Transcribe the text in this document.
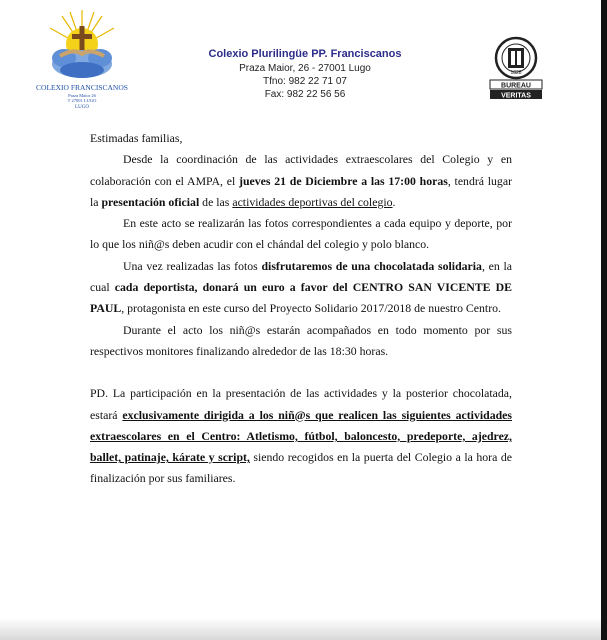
COLEXIO FRANCISCANOS
Praza Maior 26
T 27001 LUGO
LUGO
Colexio Plurilingüe PP. Franciscanos
Praza Maior, 26 - 27001 Lugo
Tfno: 982 22 71 07
Fax: 982 22 56 56
1828
BUREAU
VERITAS

Estimadas familias,

Desde la coordinación de las actividades extraescolares del Colegio y en colaboración con el AMPA, el jueves 21 de Diciembre a las 17:00 horas, tendrá lugar la presentación oficial de las actividades deportivas del colegio.

En este acto se realizarán las fotos correspondientes a cada equipo y deporte, por lo que los niñ@s deben acudir con el chándal del colegio y polo blanco.

Una vez realizadas las fotos disfrutaremos de una chocolatada solidaria, en la cual cada deportista, donará un euro a favor del CENTRO SAN VICENTE DE PAUL, protagonista en este curso del Proyecto Solidario 2017/2018 de nuestro Centro.

Durante el acto los niñ@s estarán acompañados en todo momento por sus respectivos monitores finalizando alrededor de las 18:30 horas.

PD. La participación en la presentación de las actividades y la posterior chocolatada, estará exclusivamente dirigida a los niñ@s que realicen las siguientes actividades extraescolares en el Centro: Atletismo, fútbol, baloncesto, predeporte, ajedrez, ballet, patinaje, kárate y script, siendo recogidos en la puerta del Colegio a la hora de finalización por sus familiares.
